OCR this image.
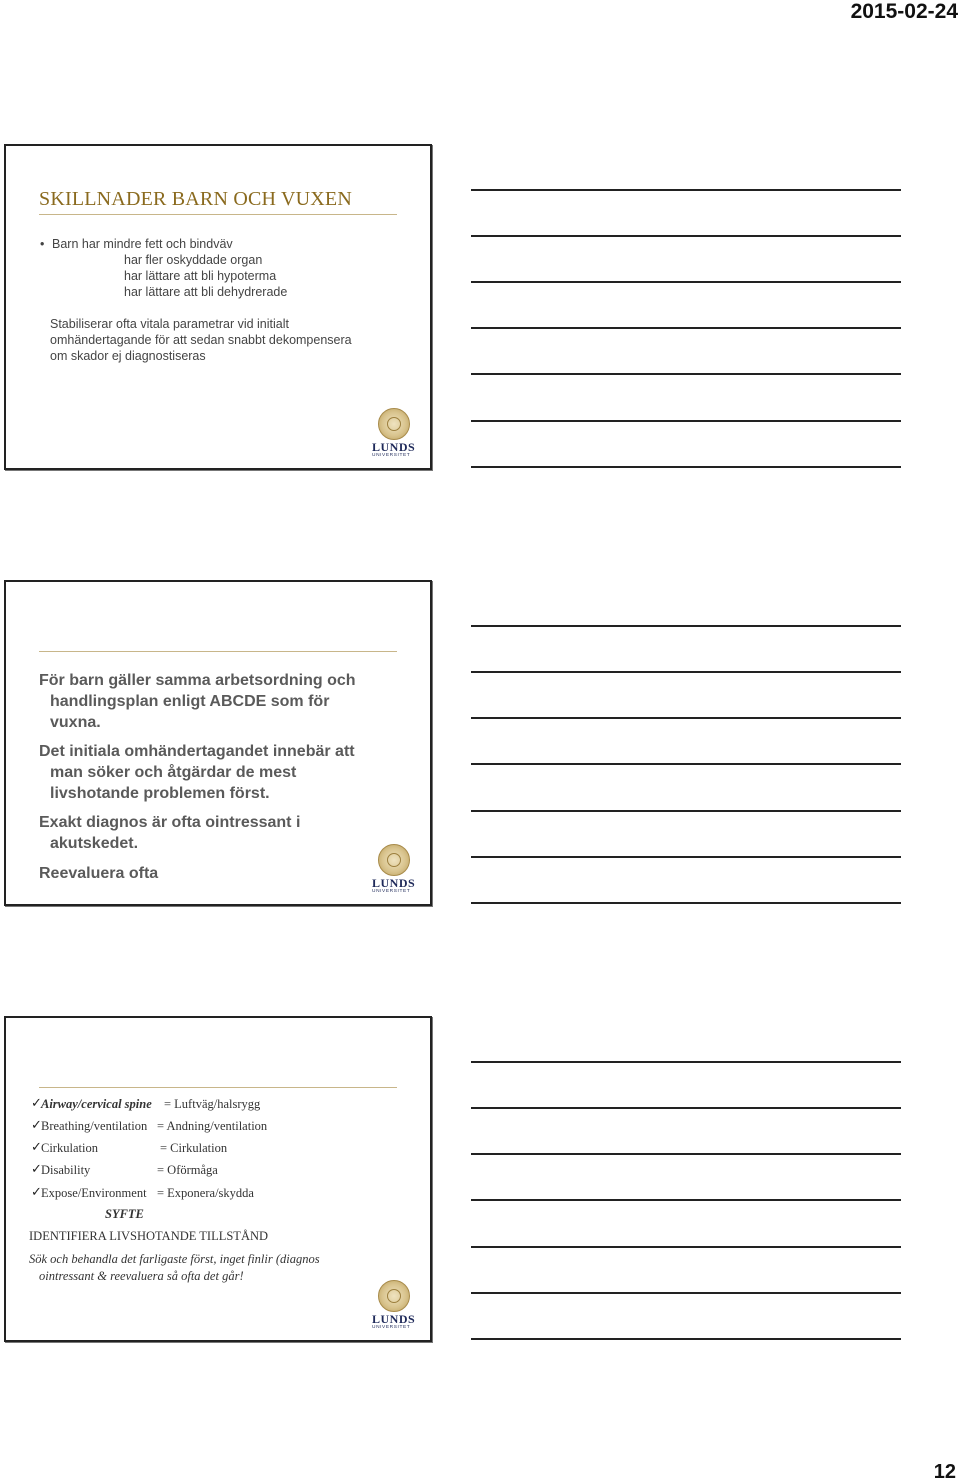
2015-02-24
SKILLNADER BARN OCH VUXEN
• Barn har mindre fett och bindväv
har fler oskyddade organ
har lättare att bli hypoterma
har lättare att bli dehydrerade
Stabiliserar ofta vitala parametrar vid initialt
omhändertagande för att sedan snabbt dekompensera
om skador ej diagnostiseras
LUNDS
UNIVERSITET
För barn gäller samma arbetsordning och
handlingsplan enligt ABCDE som för
vuxna.
Det initiala omhändertagandet innebär att
man söker och åtgärdar de mest
livshotande problemen först.
Exakt diagnos är ofta ointressant i
akutskedet.
Reevaluera ofta
LUNDS
UNIVERSITET
✓ Airway/cervical spine = Luftväg/halsrygg
✓ Breathing/ventilation = Andning/ventilation
✓ Cirkulation	= Cirkulation
✓ Disability	= Oförmåga
✓ Expose/Environment = Exponera/skydda
SYFTE
IDENTIFIERA LIVSHOTANDE TILLSTÅND
Sök och behandla det farligaste först, inget finlir (diagnos
ointressant & reevaluera så ofta det går!
LUNDS
UNIVERSITET
12
